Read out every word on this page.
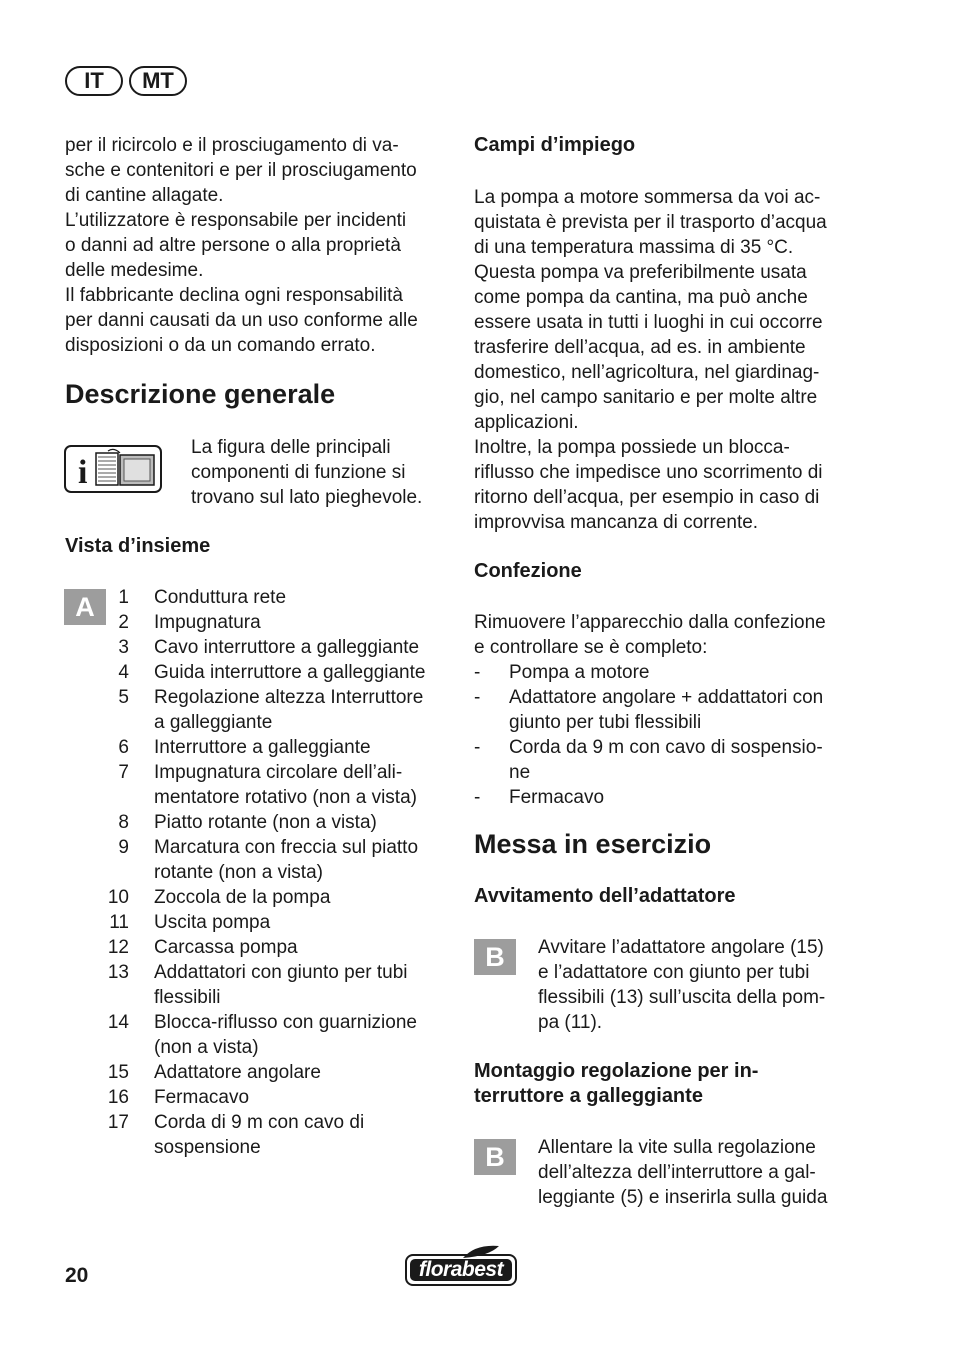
IT	MT

per il ricircolo e il prosciugamento di va-

sche e contenitori e per il prosciugamento

di cantine allagate.

L’utilizzatore è responsabile per incidenti

o danni ad altre persone o alla proprietà

delle medesime.

Il fabbricante declina ogni responsabilità

per danni causati da un uso conforme alle

disposizioni o da un comando errato.

Descrizione generale
i

La figura delle principali

componenti di funzione si

trovano sul lato pieghevole.

Vista d’insieme
A	1	Conduttura rete
2	Impugnatura
3	Cavo interruttore a galleggiante
4	Guida interruttore a galleggiante
5	Regolazione altezza Interruttore
a galleggiante
6	Interruttore a galleggiante
7	Impugnatura circolare dell’ali-
mentatore rotativo (non a vista)
8	Piatto rotante (non a vista)
9	Marcatura con freccia sul piatto
rotante (non a vista)
10	Zoccola de la pompa
11	Uscita pompa
12	Carcassa pompa
13	Addattatori con giunto per tubi
flessibili
14	Blocca-riflusso con guarnizione
(non a vista)
15	Adattatore angolare
16	Fermacavo
17	Corda di 9 m con cavo di
sospensione
Campi d’impiego

La pompa a motore sommersa da voi ac-

quistata è prevista per il trasporto d’acqua

di una temperatura massima di 35 °C.

Questa pompa va preferibilmente usata

come pompa da cantina, ma può anche

essere usata in tutti i luoghi in cui occorre

trasferire dell’acqua, ad es. in ambiente

domestico, nell’agricoltura, nel giardinag-

gio, nel campo sanitario e per molte altre

applicazioni.

Inoltre, la pompa possiede un blocca-

riflusso che impedisce uno scorrimento di

ritorno dell’acqua, per esempio in caso di

improvvisa mancanza di corrente.

Confezione

Rimuovere l’apparecchio dalla confezione

e controllare se è completo:

-	Pompa a motore
-	Adattatore angolare + addattatori con
giunto per tubi flessibili
-	Corda da 9 m con cavo di sospensio-
ne
-	Fermacavo
Messa in esercizio
Avvitamento dell’adattatore
B	Avvitare l’adattatore angolare (15)

e l’adattatore con giunto per tubi

flessibili (13) sull’uscita della pom-

pa (11).

Montaggio regolazione per in-
terruttore a galleggiante
B	Allentare la vite sulla regolazione

dell’altezza dell’interruttore a gal-

leggiante (5) e inserirla sulla guida

20	florabest
